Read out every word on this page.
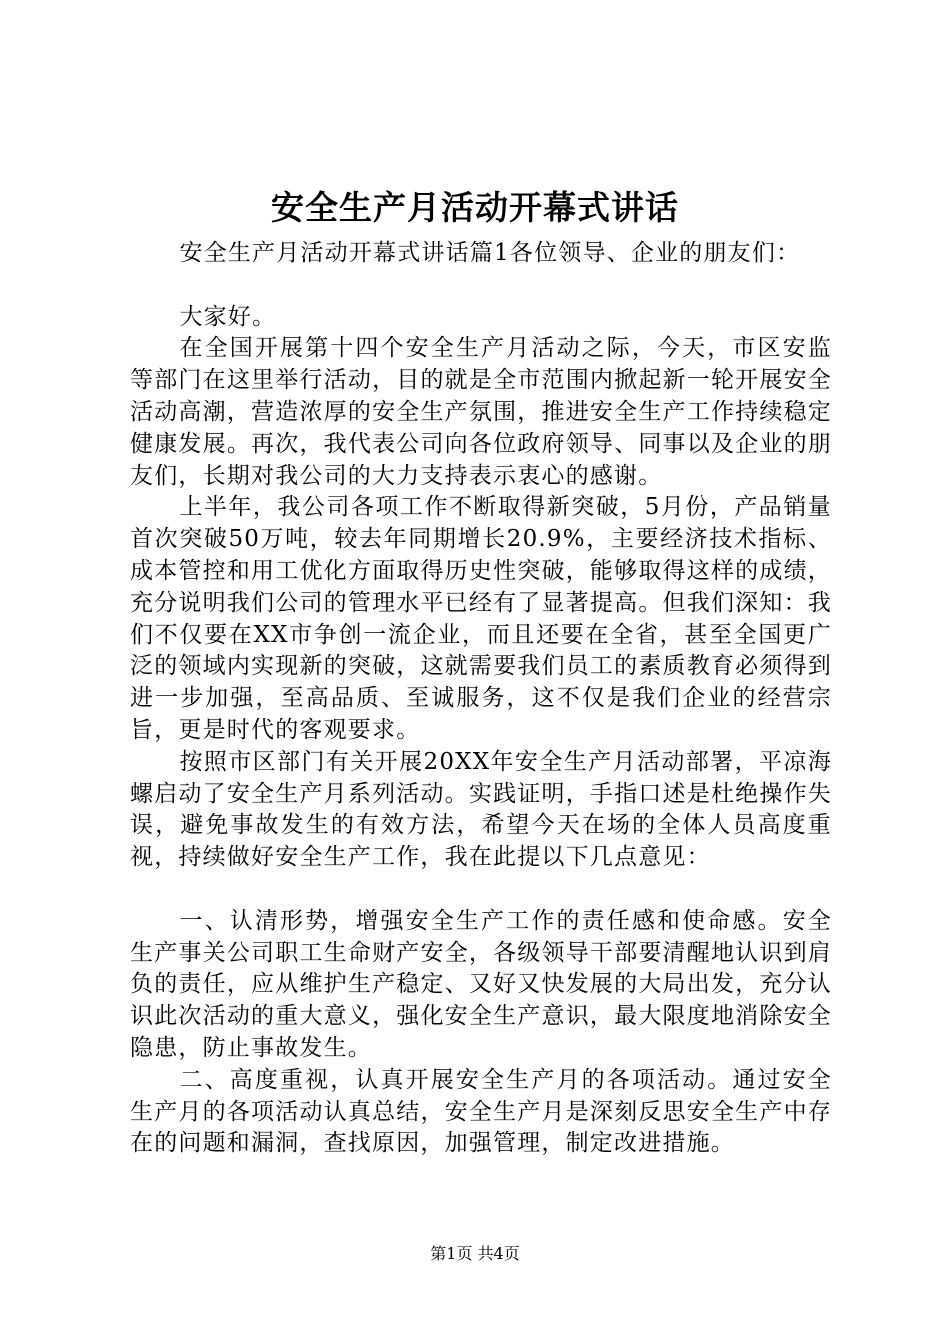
安全生产月活动开幕式讲话

安全生产月活动开幕式讲话篇1各位领导、企业的朋友们：

大家好。

在全国开展第十四个安全生产月活动之际，今天，市区安监等部门在这里举行活动，目的就是全市范围内掀起新一轮开展安全活动高潮，营造浓厚的安全生产氛围，推进安全生产工作持续稳定健康发展。再次，我代表公司向各位政府领导、同事以及企业的朋友们，长期对我公司的大力支持表示衷心的感谢。

上半年，我公司各项工作不断取得新突破，5月份，产品销量首次突破50万吨，较去年同期增长20.9%，主要经济技术指标、成本管控和用工优化方面取得历史性突破，能够取得这样的成绩，充分说明我们公司的管理水平已经有了显著提高。但我们深知：我们不仅要在XX市争创一流企业，而且还要在全省，甚至全国更广泛的领域内实现新的突破，这就需要我们员工的素质教育必须得到进一步加强，至高品质、至诚服务，这不仅是我们企业的经营宗旨，更是时代的客观要求。

按照市区部门有关开展20XX年安全生产月活动部署，平凉海螺启动了安全生产月系列活动。实践证明，手指口述是杜绝操作失误，避免事故发生的有效方法，希望今天在场的全体人员高度重视，持续做好安全生产工作，我在此提以下几点意见：

一、认清形势，增强安全生产工作的责任感和使命感。安全生产事关公司职工生命财产安全，各级领导干部要清醒地认识到肩负的责任，应从维护生产稳定、又好又快发展的大局出发，充分认识此次活动的重大意义，强化安全生产意识，最大限度地消除安全隐患，防止事故发生。

二、高度重视，认真开展安全生产月的各项活动。通过安全生产月的各项活动认真总结，安全生产月是深刻反思安全生产中存在的问题和漏洞，查找原因，加强管理，制定改进措施。

第1页 共4页
